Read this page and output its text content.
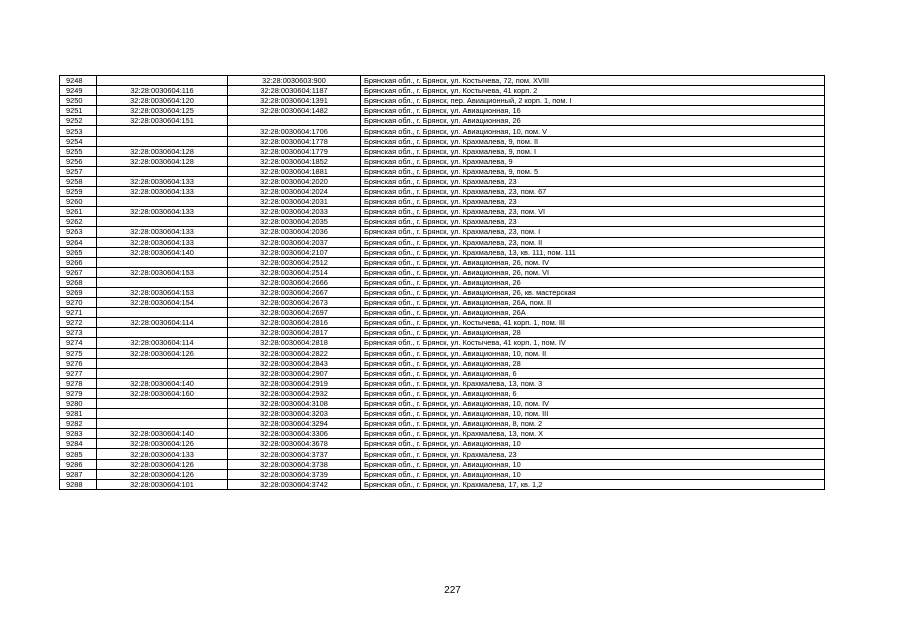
9248		32:28:0030603:900	Брянская обл., г. Брянск, ул. Костычева, 72, пом. XVIII
9249	32:28:0030604:116	32:28:0030604:1187	Брянская обл., г. Брянск, ул. Костычева, 41 корп. 2
9250	32:28:0030604:120	32:28:0030604:1391	Брянская обл., г. Брянск, пер. Авиационный, 2 корп. 1, пом. I
9251	32:28:0030604:125	32:28:0030604:1482	Брянская обл., г. Брянск, ул. Авиационная, 16
9252	32:28:0030604:151		Брянская обл., г. Брянск, ул. Авиационная, 26
9253		32:28:0030604:1706	Брянская обл., г. Брянск, ул. Авиационная, 10, пом. V
9254		32:28:0030604:1778	Брянская обл., г. Брянск, ул. Крахмалева, 9, пом. II
9255	32:28:0030604:128	32:28:0030604:1779	Брянская обл., г. Брянск, ул. Крахмалева, 9, пом. I
9256	32:28:0030604:128	32:28:0030604:1852	Брянская обл., г. Брянск, ул. Крахмалева, 9
9257		32:28:0030604:1881	Брянская обл., г. Брянск, ул. Крахмалева, 9, пом. 5
9258	32:28:0030604:133	32:28:0030604:2020	Брянская обл., г. Брянск, ул. Крахмалева, 23
9259	32:28:0030604:133	32:28:0030604:2024	Брянская обл., г. Брянск, ул. Крахмалева, 23, пом. 67
9260		32:28:0030604:2031	Брянская обл., г. Брянск, ул. Крахмалева, 23
9261	32:28:0030604:133	32:28:0030604:2033	Брянская обл., г. Брянск, ул. Крахмалева, 23, пом. VI
9262		32:28:0030604:2035	Брянская обл., г. Брянск, ул. Крахмалева, 23
9263	32:28:0030604:133	32:28:0030604:2036	Брянская обл., г. Брянск, ул. Крахмалева, 23, пом. I
9264	32:28:0030604:133	32:28:0030604:2037	Брянская обл., г. Брянск, ул. Крахмалева, 23, пом. II
9265	32:28:0030604:140	32:28:0030604:2107	Брянская обл., г. Брянск, ул. Крахмалева, 13, кв. 111, пом. 111
9266		32:28:0030604:2512	Брянская обл., г. Брянск, ул. Авиационная, 26, пом. IV
9267	32:28:0030604:153	32:28:0030604:2514	Брянская обл., г. Брянск, ул. Авиационная, 26, пом. VI
9268		32:28:0030604:2666	Брянская обл., г. Брянск, ул. Авиационная, 26
9269	32:28:0030604:153	32:28:0030604:2667	Брянская обл., г. Брянск, ул. Авиационная, 26, кв. мастерская
9270	32:28:0030604:154	32:28:0030604:2673	Брянская обл., г. Брянск, ул. Авиационная, 26А, пом. II
9271		32:28:0030604:2697	Брянская обл., г. Брянск, ул. Авиационная, 26А
9272	32:28:0030604:114	32:28:0030604:2816	Брянская обл., г. Брянск, ул. Костычева, 41 корп. 1, пом. III
9273		32:28:0030604:2817	Брянская обл., г. Брянск, ул. Авиационная, 28
9274	32:28:0030604:114	32:28:0030604:2818	Брянская обл., г. Брянск, ул. Костычева, 41 корп. 1, пом. IV
9275	32:28:0030604:126	32:28:0030604:2822	Брянская обл., г. Брянск, ул. Авиационная, 10, пом. II
9276		32:28:0030604:2843	Брянская обл., г. Брянск, ул. Авиационная, 28
9277		32:28:0030604:2907	Брянская обл., г. Брянск, ул. Авиационная, 6
9278	32:28:0030604:140	32:28:0030604:2919	Брянская обл., г. Брянск, ул. Крахмалева, 13, пом. 3
9279	32:28:0030604:160	32:28:0030604:2932	Брянская обл., г. Брянск, ул. Авиационная, 6
9280		32:28:0030604:3108	Брянская обл., г. Брянск, ул. Авиационная, 10, пом. IV
9281		32:28:0030604:3203	Брянская обл., г. Брянск, ул. Авиационная, 10, пом. III
9282		32:28:0030604:3294	Брянская обл., г. Брянск, ул. Авиационная, 8, пом. 2
9283	32:28:0030604:140	32:28:0030604:3306	Брянская обл., г. Брянск, ул. Крахмалева, 13, пом. X
9284	32:28:0030604:126	32:28:0030604:3678	Брянская обл., г. Брянск, ул. Авиационная, 10
9285	32:28:0030604:133	32:28:0030604:3737	Брянская обл., г. Брянск, ул. Крахмалева, 23
9286	32:28:0030604:126	32:28:0030604:3738	Брянская обл., г. Брянск, ул. Авиационная, 10
9287	32:28:0030604:126	32:28:0030604:3739	Брянская обл., г. Брянск, ул. Авиационная, 10
9288	32:28:0030604:101	32:28:0030604:3742	Брянская обл., г. Брянск, ул. Крахмалева, 17, кв. 1,2
227
